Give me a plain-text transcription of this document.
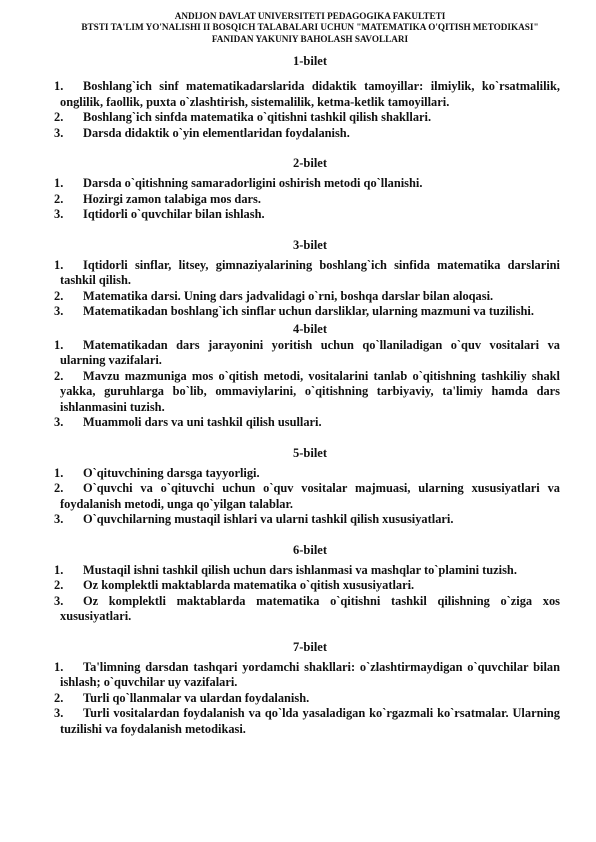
ANDIJON DAVLAT UNIVERSITETI PEDAGOGIKA FAKULTETI
BTSTI TA'LIM YO'NALISHI II BOSQICH TALABALARI UCHUN "MATEMATIKA O'QITISH METODIKASI"
FANIDAN YAKUNIY BAHOLASH SAVOLLARI
1-bilet

1. Boshlang`ich sinf matematikadarslarida didaktik tamoyillar: ilmiylik, ko`rsatmalilik, onglilik, faollik, puxta o`zlashtirish, sistemalilik, ketma-ketlik tamoyillari.

2. Boshlang`ich sinfda matematika o`qitishni tashkil qilish shakllari.

3. Darsda didaktik o`yin elementlaridan foydalanish.

2-bilet

1. Darsda o`qitishning samaradorligini oshirish metodi qo`llanishi.

2. Hozirgi zamon talabiga mos dars.

3. Iqtidorli o`quvchilar bilan ishlash.

3-bilet

1. Iqtidorli sinflar, litsey, gimnaziyalarining boshlang`ich sinfida matematika darslarini tashkil qilish.

2. Matematika darsi. Uning dars jadvalidagi o`rni, boshqa darslar bilan aloqasi.

3. Matematikadan boshlang`ich sinflar uchun darsliklar, ularning mazmuni va tuzilishi.

4-bilet

1. Matematikadan dars jarayonini yoritish uchun qo`llaniladigan o`quv vositalari va ularning vazifalari.

2. Mavzu mazmuniga mos o`qitish metodi, vositalarini tanlab o`qitishning tashkiliy shakl yakka, guruhlarga bo`lib, ommaviylarini, o`qitishning tarbiyaviy, ta'limiy hamda dars ishlanmasini tuzish.

3. Muammoli dars va uni tashkil qilish usullari.

5-bilet

1. O`qituvchining darsga tayyorligi.

2. O`quvchi va o`qituvchi uchun o`quv vositalar majmuasi, ularning xususiyatlari va foydalanish metodi, unga qo`yilgan talablar.

3. O`quvchilarning mustaqil ishlari va ularni tashkil qilish xususiyatlari.

6-bilet

1. Mustaqil ishni tashkil qilish uchun dars ishlanmasi va mashqlar to`plamini tuzish.

2. Oz komplektli maktablarda matematika o`qitish xususiyatlari.

3. Oz komplektli maktablarda matematika o`qitishni tashkil qilishning o`ziga xos xususiyatlari.

7-bilet

1. Ta'limning darsdan tashqari yordamchi shakllari: o`zlashtirmaydigan o`quvchilar bilan ishlash; o`quvchilar uy vazifalari.

2. Turli qo`llanmalar va ulardan foydalanish.

3. Turli vositalardan foydalanish va qo`lda yasaladigan ko`rgazmali ko`rsatmalar. Ularning tuzilishi va foydalanish metodikasi.
